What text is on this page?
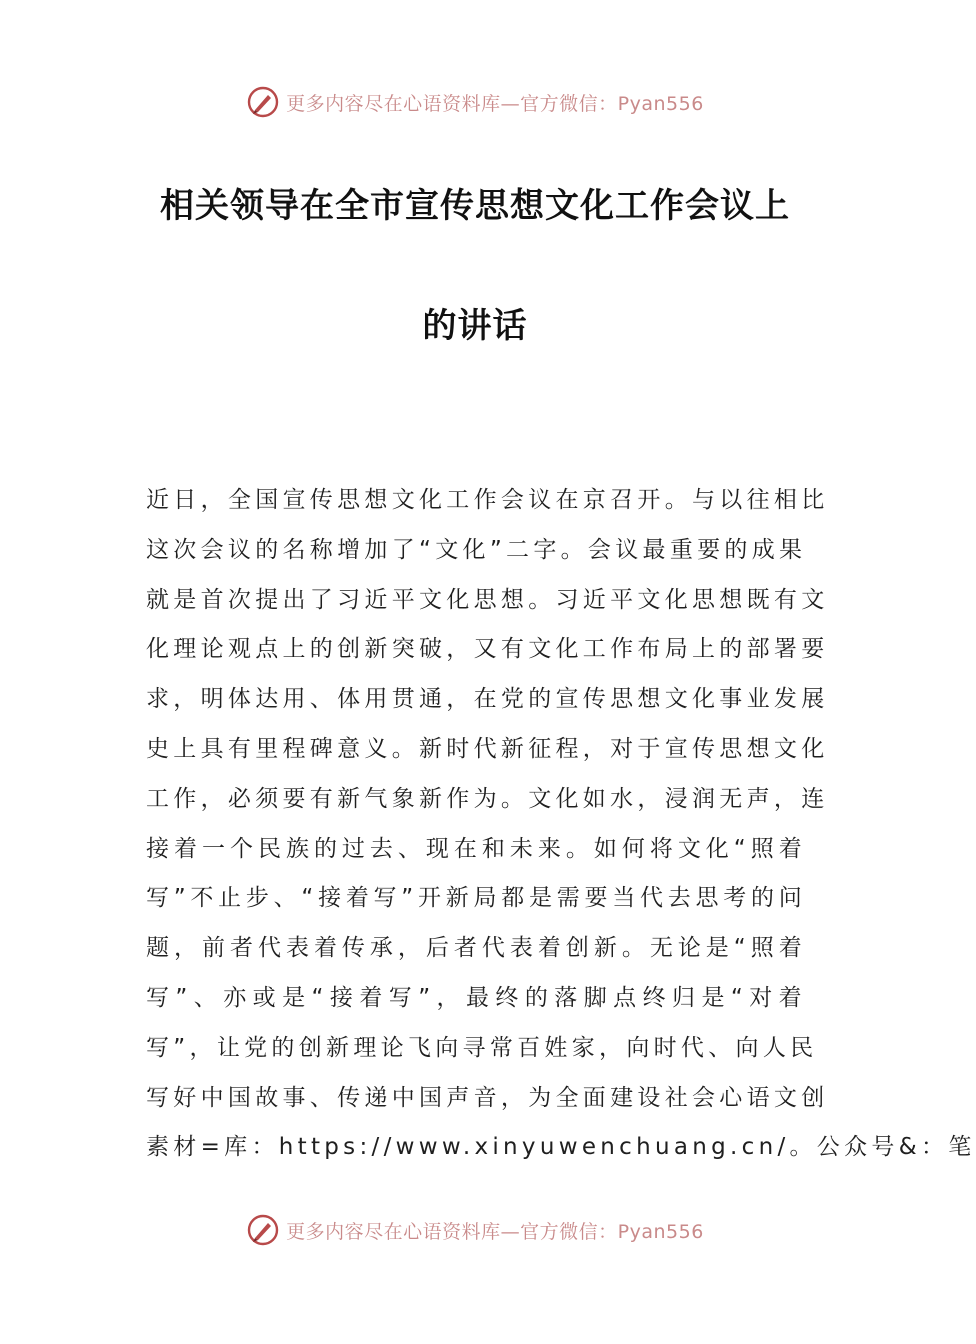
更多内容尽在心语资料库—官方微信：Pyan556
相关领导在全市宣传思想文化工作会议上
的讲话
近日，全国宣传思想文化工作会议在京召开。与以往相比
这次会议的名称增加了“文化”二字。会议最重要的成果
就是首次提出了习近平文化思想。习近平文化思想既有文
化理论观点上的创新突破，又有文化工作布局上的部署要
求，明体达用、体用贯通，在党的宣传思想文化事业发展
史上具有里程碑意义。新时代新征程，对于宣传思想文化
工作，必须要有新气象新作为。文化如水，浸润无声，连
接着一个民族的过去、现在和未来。如何将文化“照着
写”不止步、“接着写”开新局都是需要当代去思考的问
题，前者代表着传承，后者代表着创新。无论是“照着
写”、亦或是“接着写”，最终的落脚点终归是“对着
写”，让党的创新理论飞向寻常百姓家，向时代、向人民
写好中国故事、传递中国声音，为全面建设社会心语文创
素材=库：https://www.xinyuwenchuang.cn/。公众号&：笔
更多内容尽在心语资料库—官方微信：Pyan556
